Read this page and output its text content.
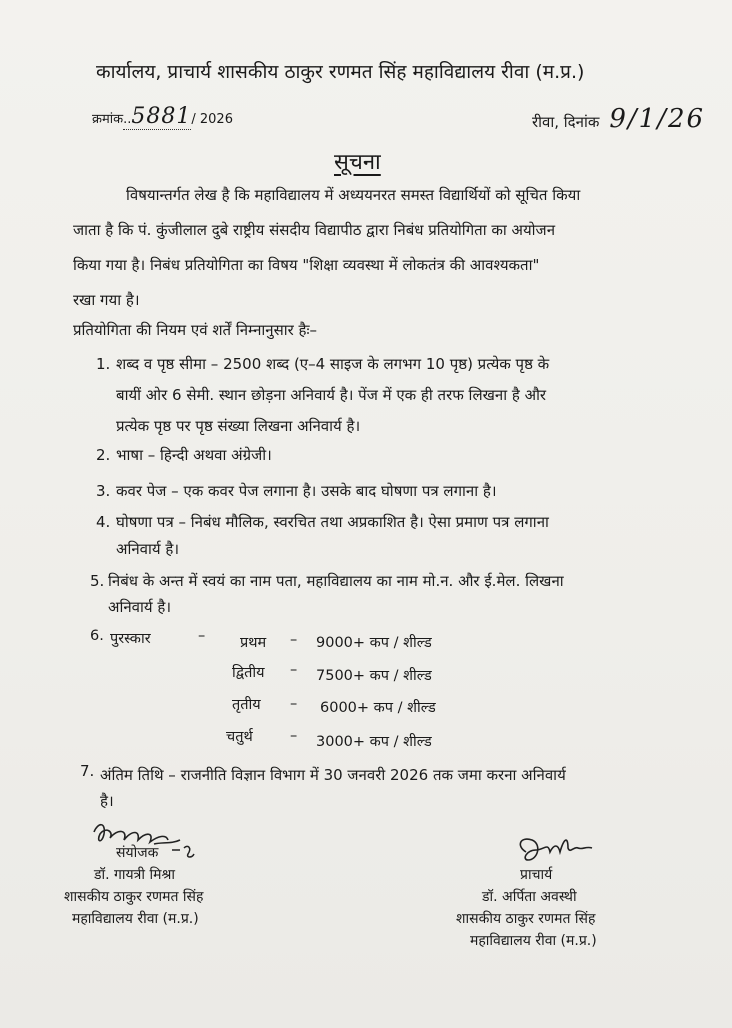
कार्यालय, प्राचार्य शासकीय ठाकुर रणमत सिंह महाविद्यालय रीवा (म.प्र.)
क्रमांक..5881/ 2026	रीवा, दिनांक 9/1/26
सूचना
विषयान्तर्गत लेख है कि महाविद्यालय में अध्ययनरत समस्त विद्यार्थियों को सूचित किया
जाता है कि पं. कुंजीलाल दुबे राष्ट्रीय संसदीय विद्यापीठ द्वारा निबंध प्रतियोगिता का अयोजन
किया गया है। निबंध प्रतियोगिता का विषय "शिक्षा व्यवस्था में लोकतंत्र की आवश्यकता"
रखा गया है।
प्रतियोगिता की नियम एवं शर्तें निम्नानुसार हैः–
1. शब्द व पृष्ठ सीमा – 2500 शब्द (ए–4 साइज के लगभग 10 पृष्ठ) प्रत्येक पृष्ठ के
बायीं ओर 6 सेमी. स्थान छोड़ना अनिवार्य है। पेंज में एक ही तरफ लिखना है और
प्रत्येक पृष्ठ पर पृष्ठ संख्या लिखना अनिवार्य है।
2. भाषा – हिन्दी अथवा अंग्रेजी।
3. कवर पेज – एक कवर पेज लगाना है। उसके बाद घोषणा पत्र लगाना है।
4. घोषणा पत्र – निबंध मौलिक, स्वरचित तथा अप्रकाशित है। ऐसा प्रमाण पत्र लगाना
अनिवार्य है।
5. निबंध के अन्त में स्वयं का नाम पता, महाविद्यालय का नाम मो.न. और ई.मेल. लिखना
अनिवार्य है।
6. पुरस्कार	– प्रथम – 9000+ कप / शील्ड
द्वितीय – 7500+ कप / शील्ड
तृतीय – 6000+ कप / शील्ड
चतुर्थ	– 3000+ कप / शील्ड
7. अंतिम तिथि – राजनीति विज्ञान विभाग में 30 जनवरी 2026 तक जमा करना अनिवार्य
है।
संयोजक
डॉ. गायत्री मिश्रा
शासकीय ठाकुर रणमत सिंह
महाविद्यालय रीवा (म.प्र.)
प्राचार्य
डॉ. अर्पिता अवस्थी
शासकीय ठाकुर रणमत सिंह
महाविद्यालय रीवा (म.प्र.)
